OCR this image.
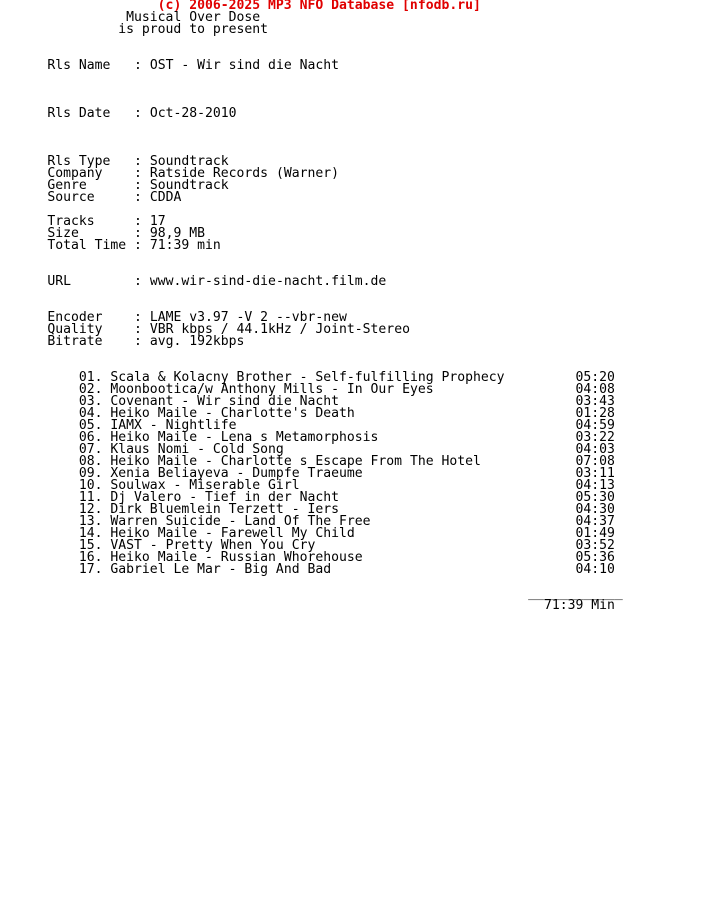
(c) 2006-2025 MP3 NFO Database [nfodb.ru]
Musical Over Dose
is proud to present

Rls Name   : OST - Wir sind die Nacht

Rls Date   : Oct-28-2010

Rls Type   : Soundtrack
Company    : Ratside Records (Warner)
Genre      : Soundtrack
Source     : CDDA

Tracks     : 17
Size       : 98,9 MB
Total Time : 71:39 min

URL        : www.wir-sind-die-nacht.film.de

Encoder    : LAME v3.97 -V 2 --vbr-new
Quality    : VBR kbps / 44.1kHz / Joint-Stereo
Bitrate    : avg. 192kbps

01. Scala & Kolacny Brother - Self-fulfilling Prophecy	05:20
02. Moonbootica/w Anthony Mills - In Our Eyes	04:08
03. Covenant - Wir sind die Nacht	03:43
04. Heiko Maile - Charlotte's Death	01:28
05. IAMX - Nightlife	04:59
06. Heiko Maile - Lena s Metamorphosis	03:22
07. Klaus Nomi - Cold Song	04:03
08. Heiko Maile - Charlotte s Escape From The Hotel	07:08
09. Xenia Beliayeva - Dumpfe Traeume	03:11
10. Soulwax - Miserable Girl	04:13
11. Dj Valero - Tief in der Nacht	05:30
12. Dirk Bluemlein Terzett - Iers	04:30
13. Warren Suicide - Land Of The Free	04:37
14. Heiko Maile - Farewell My Child	01:49
15. VAST - Pretty When You Cry	03:52
16. Heiko Maile - Russian Whorehouse	05:36
17. Gabriel Le Mar - Big And Bad	04:10

____________
71:39 Min
